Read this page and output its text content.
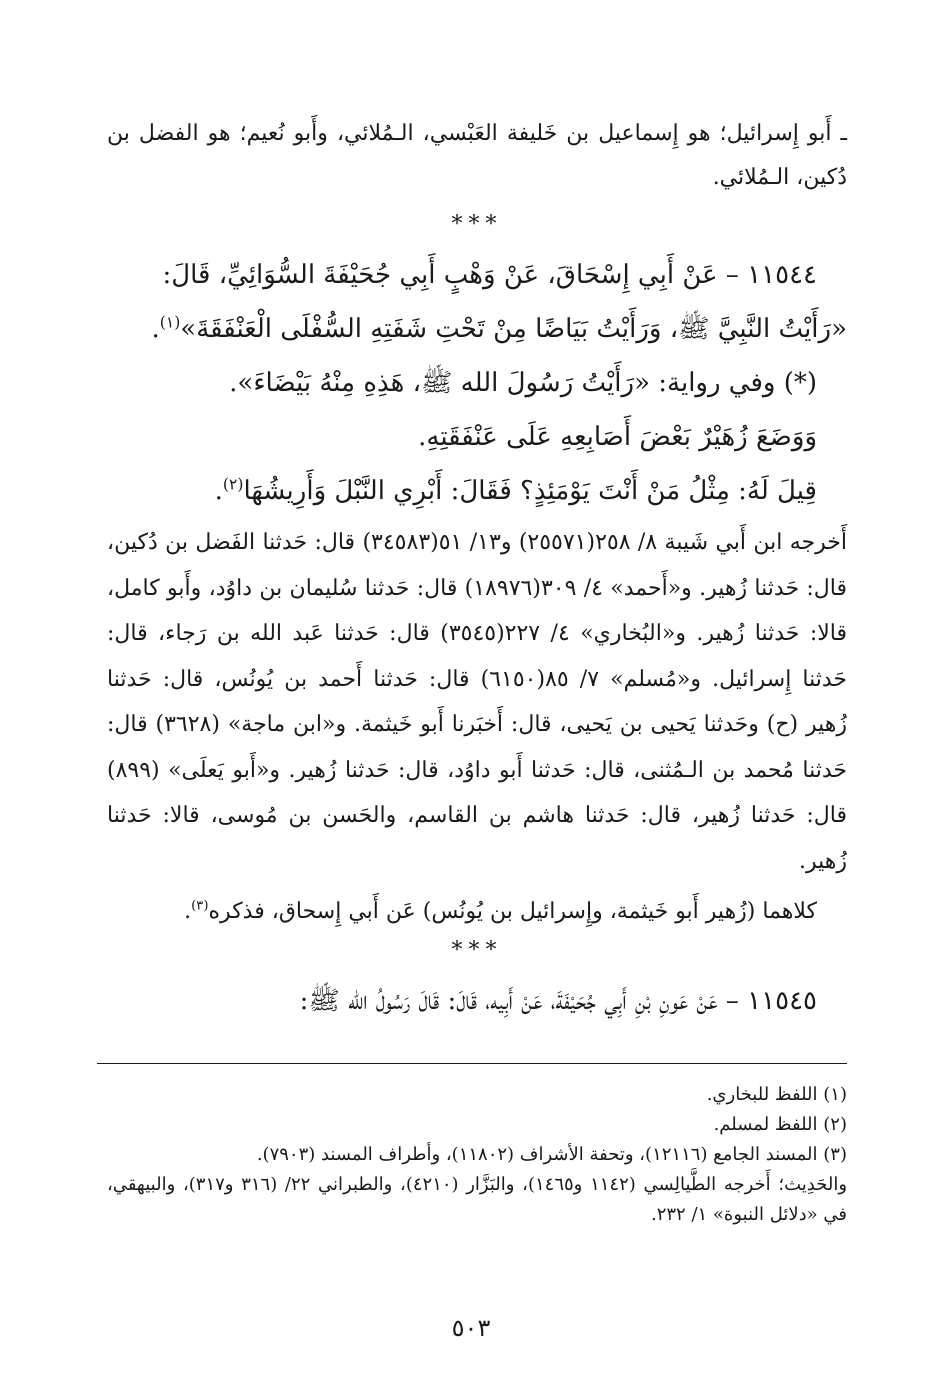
ـ أَبو إِسرائيل؛ هو إِسماعيل بن خَليفة العَبْسي، الـمُلائي، وأَبو نُعيم؛ هو الفضل بن دُكين، الـمُلائي.

***

١١٥٤٤ – عَنْ أَبِي إِسْحَاقَ، عَنْ وَهْبٍ أَبِي جُحَيْفَةَ السُّوَائِيِّ، قَالَ:

«رَأَيْتُ النَّبِيَّ ﷺ، وَرَأَيْتُ بَيَاضًا مِنْ تَحْتِ شَفَتِهِ السُّفْلَى الْعَنْفَقَةَ»$^{(١)}$.

(*) وفي رواية: «رَأَيْتُ رَسُولَ الله ﷺ، هَذِهِ مِنْهُ بَيْضَاءَ».

وَوَضَعَ زُهَيْرٌ بَعْضَ أَصَابِعِهِ عَلَى عَنْفَقَتِهِ.

قِيلَ لَهُ: مِثْلُ مَنْ أَنْتَ يَوْمَئِذٍ؟ فَقَالَ: أَبْرِي النَّبْلَ وَأَرِيشُهَا$^{(٢)}$.

أَخرجه ابن أَبي شَيبة ٨/ ٢٥٨(٢٥٥٧١) و١٣/ ٥١(٣٤٥٨٣) قال: حَدثنا الفَضل بن دُكين، قال: حَدثنا زُهير. و«أَحمد» ٤/ ٣٠٩(١٨٩٧٦) قال: حَدثنا سُليمان بن داوُد، وأَبو كامل، قالا: حَدثنا زُهير. و«البُخاري» ٤/ ٢٢٧(٣٥٤٥) قال: حَدثنا عَبد الله بن رَجاء، قال: حَدثنا إِسرائيل. و«مُسلم» ٧/ ٨٥(٦١٥٠) قال: حَدثنا أَحمد بن يُونُس، قال: حَدثنا زُهير (ح) وحَدثنا يَحيى بن يَحيى، قال: أَخبَرنا أَبو خَيثمة. و«ابن ماجة» (٣٦٢٨) قال: حَدثنا مُحمد بن الـمُثنى، قال: حَدثنا أَبو داوُد، قال: حَدثنا زُهير. و«أَبو يَعلَى» (٨٩٩) قال: حَدثنا زُهير، قال: حَدثنا هاشم بن القاسم، والحَسن بن مُوسى، قالا: حَدثنا زُهير.

كلاهما (زُهير أَبو خَيثمة، وإِسرائيل بن يُونُس) عَن أَبي إِسحاق، فذكره$^{(٣)}$.

***

١١٥٤٥ – عَنْ عَونِ بْنِ أَبِي جُحَيْفَةَ، عَنْ أَبِيه، قَالَ: قَالَ رَسُولُ الله ﷺ:

(١) اللفظ للبخاري.

(٢) اللفظ لمسلم.

(٣) المسند الجامع (١٢١١٦)، وتحفة الأشراف (١١٨٠٢)، وأطراف المسند (٧٩٠٣).

والحَدِيث؛ أَخرجه الطَّيالِسي (١١٤٢ و١٤٦٥)، والبَزَّار (٤٢١٠)، والطبراني ٢٢/ (٣١٦ و٣١٧)، والبيهقي، في «دلائل النبوة» ١/ ٢٣٢.

٥٠٣
